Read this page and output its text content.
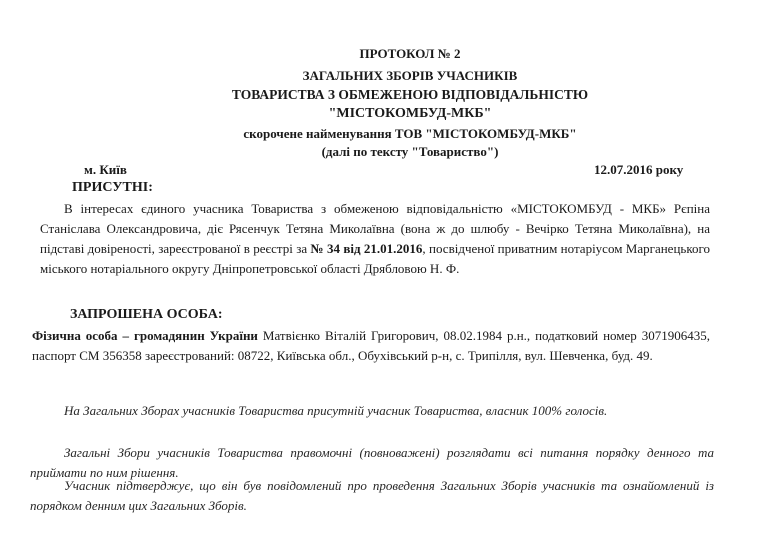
ПРОТОКОЛ № 2
ЗАГАЛЬНИХ ЗБОРІВ УЧАСНИКІВ
ТОВАРИСТВА З ОБМЕЖЕНОЮ ВІДПОВІДАЛЬНІСТЮ
"МІСТОКОМБУД-МКБ"
скорочене найменування ТОВ "МІСТОКОМБУД-МКБ"
(далі по тексту "Товариство")
м. Київ	12.07.2016 року
ПРИСУТНІ:
В інтересах єдиного учасника Товариства з обмеженою відповідальністю «МІСТОКОМБУД - МКБ» Рєпіна Станіслава Олександровича, діє Рясенчук Тетяна Миколаївна (вона ж до шлюбу - Вечірко Тетяна Миколаївна), на підставі довіреності, зареєстрованої в реєстрі за № 34 від 21.01.2016, посвідченої приватним нотаріусом Марганецького міського нотаріального округу Дніпропетровської області Дрябловою Н. Ф.
ЗАПРОШЕНА ОСОБА:
Фізична особа – громадянин України Матвієнко Віталій Григорович, 08.02.1984 р.н., податковий номер 3071906435, паспорт СМ 356358 зареєстрований: 08722, Київська обл., Обухівський р-н, с. Трипілля, вул. Шевченка, буд. 49.
На Загальних Зборах учасників Товариства присутній учасник Товариства, власник 100% голосів.
Загальні Збори учасників Товариства правомочні (повноважені) розглядати всі питання порядку денного та приймати по ним рішення.
Учасник підтверджує, що він був повідомлений про проведення Загальних Зборів учасників та ознайомлений із порядком денним цих Загальних Зборів.
